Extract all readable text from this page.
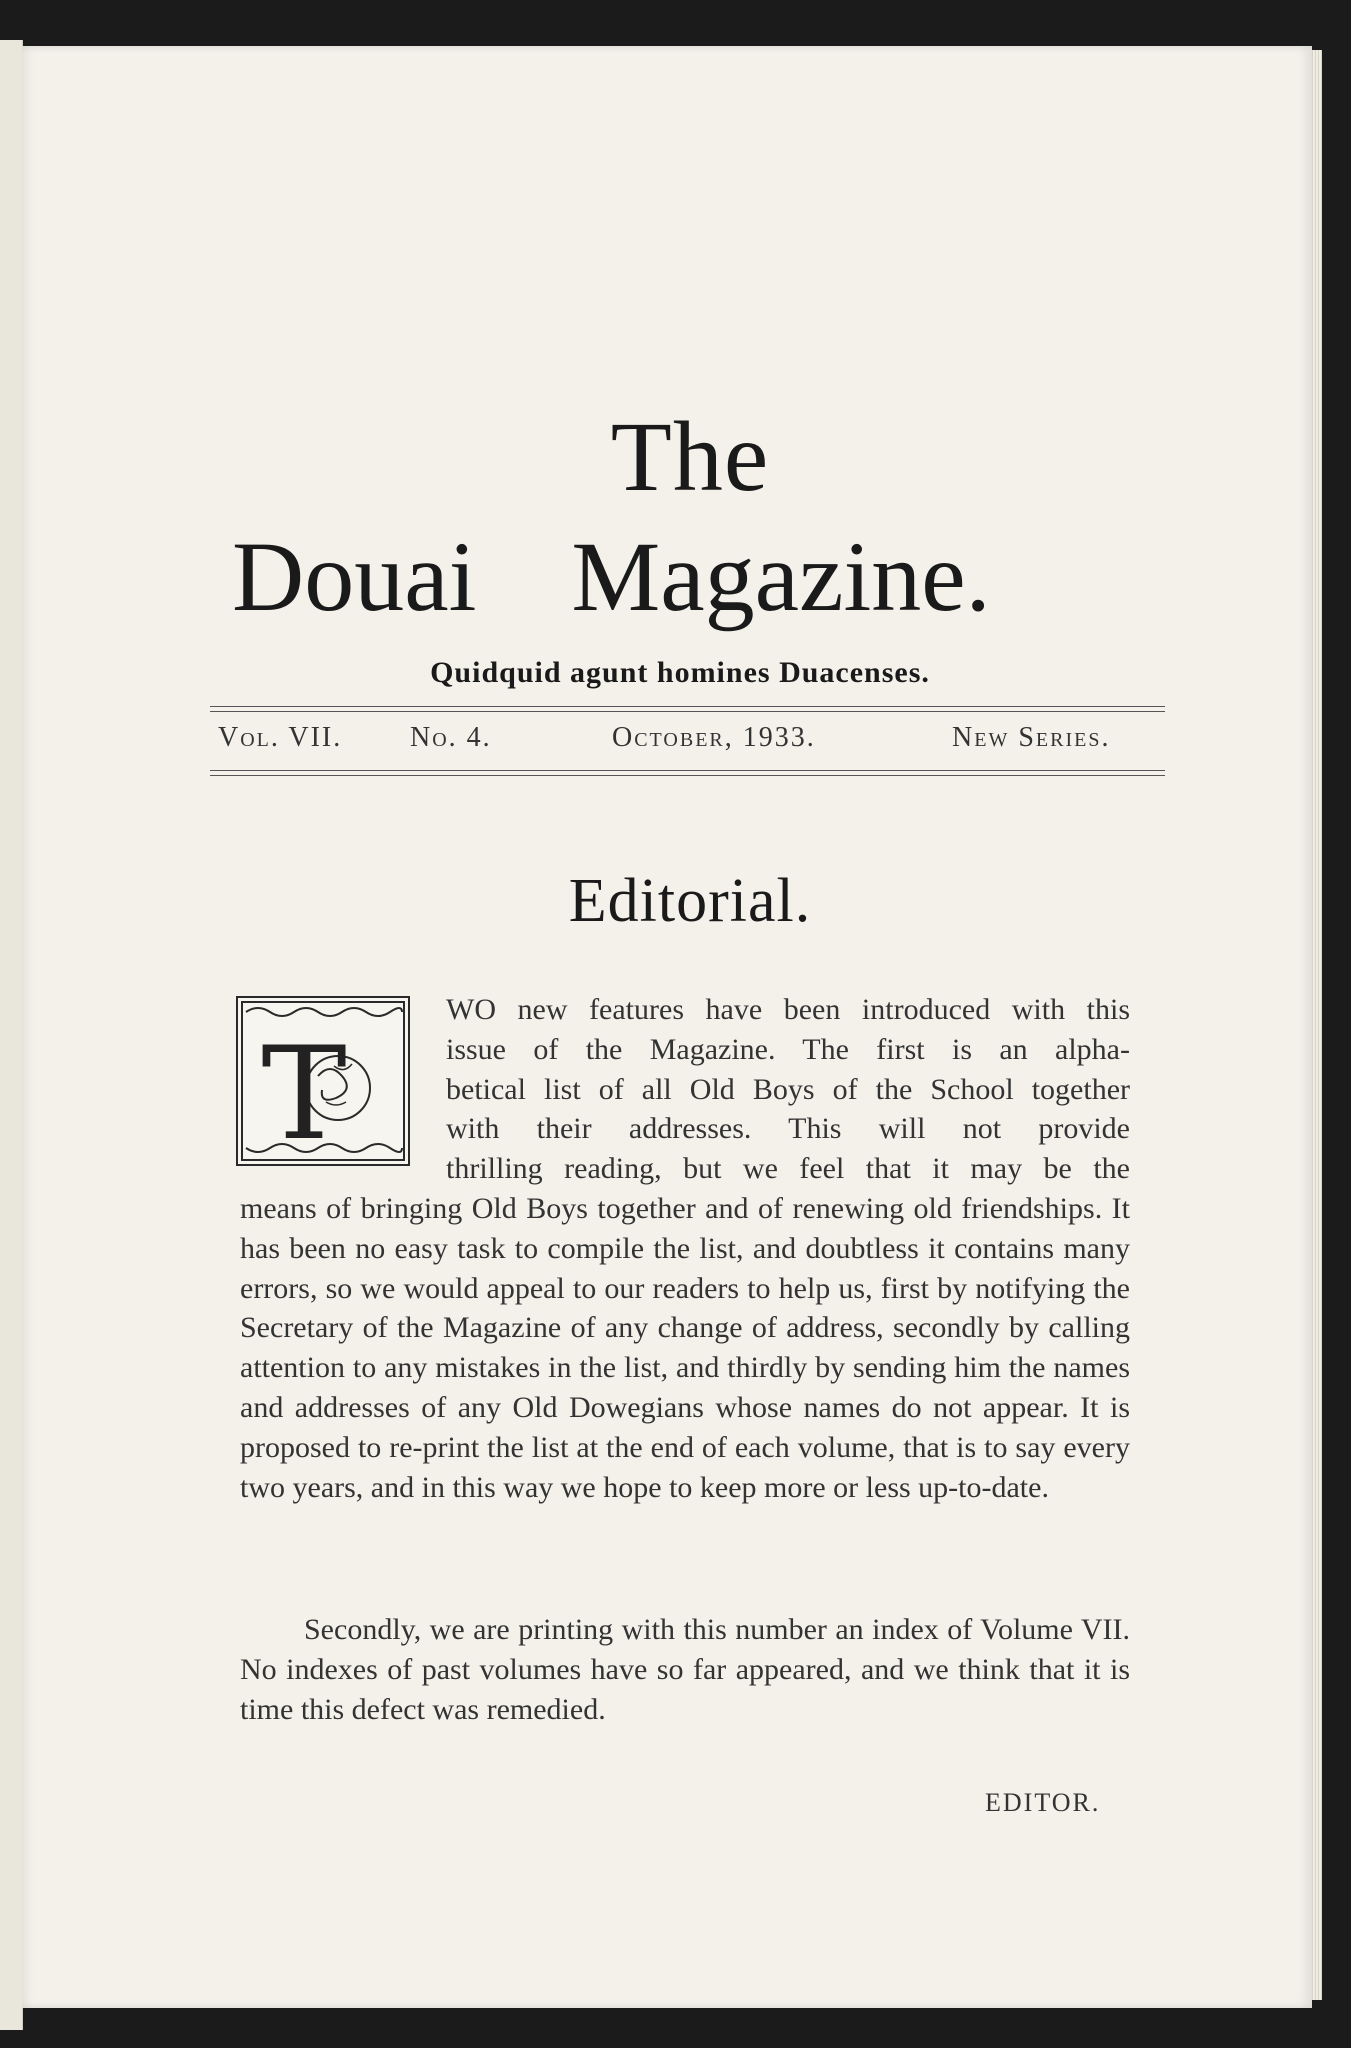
The
Douai Magazine.
Quidquid agunt homines Duacenses.
Vol. VII. No. 4.	October, 1933.	New Series.
Editorial.
T

WO new features have been introduced with this

issue of the Magazine. The first is an alpha-

betical list of all Old Boys of the School together

with their addresses. This will not provide

thrilling reading, but we feel that it may be the

means of bringing Old Boys together and of renewing old friendships. It has been no easy task to compile the list, and doubtless it contains many errors, so we would appeal to our readers to help us, first by notifying the Secretary of the Magazine of any change of address, secondly by calling attention to any mistakes in the list, and thirdly by sending him the names and addresses of any Old Dowegians whose names do not appear. It is proposed to re-print the list at the end of each volume, that is to say every two years, and in this way we hope to keep more or less up-to-date.

Secondly, we are printing with this number an index of Volume VII. No indexes of past volumes have so far appeared, and we think that it is time this defect was remedied.

EDITOR.
